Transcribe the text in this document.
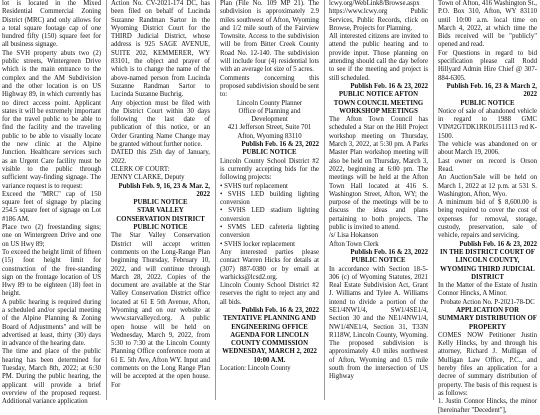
lot is located in the Mixed Residential Commercial Zoning District (MRC) and only allows for a total square footage cap of one hundred fifty (150) square feet for all business signage.

The SVH property abuts two (2) public streets, Wintergreen Drive which is the main entrance to the complex and the AM Subdivision and the other location is on US Highway 89, in which currently has no direct access point. Applicant states it will be extremely important for the travel public to be able to find the facility and the traveling public to be able to visually locate the new clinic at the Alpine Junction. Healthcare services such as an Urgent Care facility must be visible to the public through sufficient way-finding signage. The variance request is to request:

Exceed the "MRC" cap of 150 square feet of signage by placing 254.5 square feet of signage on Lot #186 AM.

Place two (2) freestanding signs; one on Wintergreen Drive and one on US Hwy 89;

To exceed the height limit of fifteen (15) foot height limit for construction of the free-standing sign on the frontage location of US Hwy 89 to be eighteen (18) feet in height.

A public hearing is required during a scheduled and/or special meeting of the Alpine Planning & Zoning Board of Adjustments" and will be advertised at least, thirty (30) days in advance of the hearing date.

The time and place of the public hearing has been determined for Tuesday, March 8th, 2022; at 6:30 PM. During the public hearing, the applicant will provide a brief overview of the proposed request. Additional variance application

Action No. CV-2021-174 DC, has been filed on behalf of Lucinda Suzanne Randman Sartor in the Wyoming District Court for the THIRD Judicial District, whose address is 925 SAGE AVENUE, SUITE 202, KEMMERER, WY 83101, the object and prayer of which is to change the name of the above-named person from Lucinda Suzanne Randman Sartor to Lucinda Suzanne Buchrig.

Any objection must be filed with the District Court within 30 days following the last date of publication of this notice, or an Order Granting Name Change may be granted without further notice.

DATED this 25th day of January, 2022.

CLERK OF COURT:

JENNY CLARKE, Deputy

Publish Feb. 9, 16, 23 & Mar. 2, 2022

PUBLIC NOTICE

STAR VALLEY CONSERVATION DISTRICT PUBLIC NOTICE

The Star Valley Conservation District will accept written comments on the Long-Range Plan beginning Thursday, February 10, 2022, and will continue through March 28, 2022. Copies of the document are available at the Star Valley Conservation District office located at 61 E 5th Avenue, Afton, Wyoming and on our website at www.starvalleycd.org. A public open house will be held on Wednesday, March 9, 2022, from 5:30 to 7:30 at the Lincoln County Planning Office conference room at 61 E. 5th Ave, Afton WY. Input and comments on the Long Range Plan will be accepted at the open house. For

Plan (File No. 109 MP 21). The subdivision is approximately 2.9 miles southwest of Afton, Wyoming and 1/2 mile south of the Fairview Townsite. Access to the subdivision will be from Bitter Creek County Road No. 12-140. The subdivision will include four (4) residential lots with an average lot size of 5 acres.

Comments concerning this proposed subdivision should be sent to:

Lincoln County Planner

Office of Planning and Development

421 Jefferson Street, Suite 701

Afton, Wyoming 83110

Publish Feb. 16 & 23, 2022

PUBLIC NOTICE

Lincoln County School District #2 is currently accepting bids for the following projects:

• SVHS turf replacement

• SVHS LED building lighting conversion

• SVHS LED stadium lighting conversion

• SVMS LED cafeteria lighting conversion

• SVHS locker replacement

Any interested parties please contact Warren Hicks for details at (307) 887-0380 or by email at warhicks@lcsd2.org.

Lincoln County School District #2 reserves the right to reject any and all bids.

Publish Feb. 16 & 23, 2022

TENTATIVE PLANNING AND ENGINEERING OFFICE AGENDA FOR LINCOLN COUNTY COMMISSION WEDNESDAY, MARCH 2, 2022 10:00 A.M.

Location: Lincoln County

lcwy.org/WebLink8/Browse.aspx

https://www.lcwy.org Public Services, Public Records, click on Browse, Projects for Planning.

All interested citizens are invited to attend the public hearing and to provide input. Those planning on attending should call the day before to see if the meeting and project is still scheduled.

Publish Feb. 16 & 23, 2022

PUBLIC NOTICE AFTON TOWN COUNCIL MEETING WORKSHOP MEETINGS

The Afton Town Council has scheduled a Star on the Hill Project workshop meeting on Thursday, March 3, 2022, at 5:30 pm. A Parks Master Plan workshop meeting will also be held on Thursday, March 3, 2022, beginning at 6:00 pm. The meetings will be held at the Afton Town Hall located at 416 S. Washington Street, Afton, WY; the purpose of the meetings will be to discuss the ideas and plans pertaining to both projects. The public is invited to attend.

/s/ Lisa Hokanson

Afton Town Clerk

Publish Feb. 16 & 23, 2022

PUBLIC NOTICE

In accordance with Section 18-5-306 (c) of Wyoming Statutes, 2021 Real Estate Subdivision Act, Grant J. Williams and Tylee A. Williams intend to divide a portion of the SE1/4NW1/4, SW1/4SE1/4, Section 30 and the NE1/4NW1/4, NW1/4NE1/4, Section 31, T33N R118W, Lincoln County, Wyoming. The proposed subdivision is approximately 4.0 miles northwest of Afton, Wyoming and 0.5 mile south from the intersection of US Highway

Town of Afton, 416 Washington St., P.O. Box 310, Afton, WY 83110 until 10:00 a.m. local time on March 4, 2022, at which time the Bids received will be "publicly" opened and read.

For Questions in regard to bid specification please call Rodd Hillyard Admin Hire Chief @ 307-884-6305.

Publish Feb. 16, 23 & March 2, 2022

PUBLIC NOTICE

Notice of sale of abandoned vehicle in regard to 1988 GMC VIN#2GTDK1RK01J511113 red K-1500.

The vehicle was abandoned on or about March 19, 2006.

Last owner on record is Orson Read.

An Auction/Sale will be held on March 1, 2022 at 12 p.m. at 531 S. Washington, Afton, Wyo.

A minimum bid of $ 8,600.00 is being required to cover the cost of expenses for removal, storage, custody, preservation, sale of vehicle, repairs and servicing.

Publish Feb. 16 & 23, 2022

IN THE DISTRICT COURT OF LINCOLN COUNTY, WYOMING THIRD JUDICIAL DISTRICT

In the Matter of the Estate of Justin Connor Hincks, A Minor.

Probate Action No. P-2021-78-DC

APPLICATION FOR SUMMARY DISTRIBUTION OF PROPERTY

COMES NOW Petitioner Justin Kelly Hincks, by and through his attorney, Richard J. Mulligan of Mulligan Law Office, P.C., and hereby files an application for a decree of summary distribution of property. The basis of this request is as follows:

1. Justin Connor Hincks, the minor [hereinafter "Decedent"],
